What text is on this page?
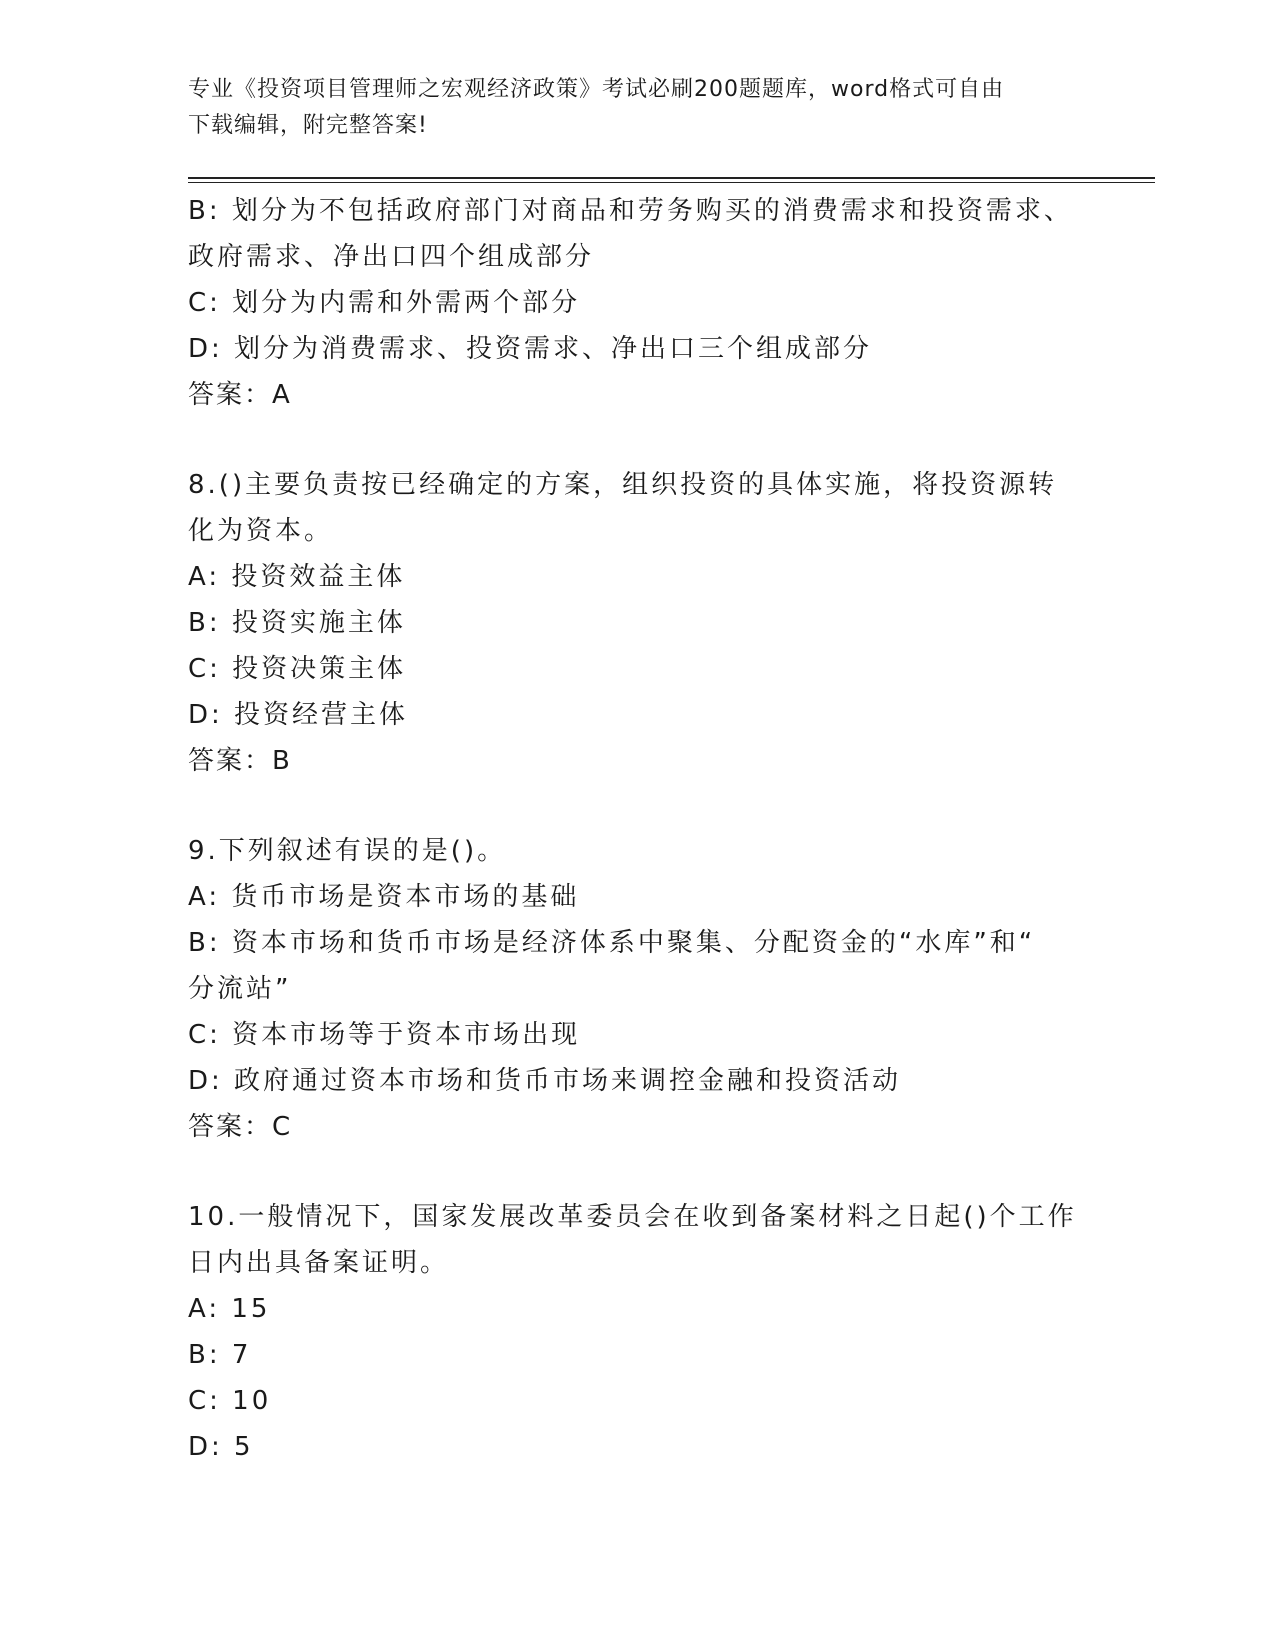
专业《投资项目管理师之宏观经济政策》考试必刷200题题库，word格式可自由
下载编辑，附完整答案!
B: 划分为不包括政府部门对商品和劳务购买的消费需求和投资需求、
政府需求、净出口四个组成部分
C: 划分为内需和外需两个部分
D: 划分为消费需求、投资需求、净出口三个组成部分
答案：A
8.()主要负责按已经确定的方案，组织投资的具体实施，将投资源转
化为资本。
A: 投资效益主体
B: 投资实施主体
C: 投资决策主体
D: 投资经营主体
答案：B
9.下列叙述有误的是()。
A: 货币市场是资本市场的基础
B: 资本市场和货币市场是经济体系中聚集、分配资金的“水库”和“
分流站”
C: 资本市场等于资本市场出现
D: 政府通过资本市场和货币市场来调控金融和投资活动
答案：C
10.一般情况下，国家发展改革委员会在收到备案材料之日起()个工作
日内出具备案证明。
A: 15
B: 7
C: 10
D: 5
